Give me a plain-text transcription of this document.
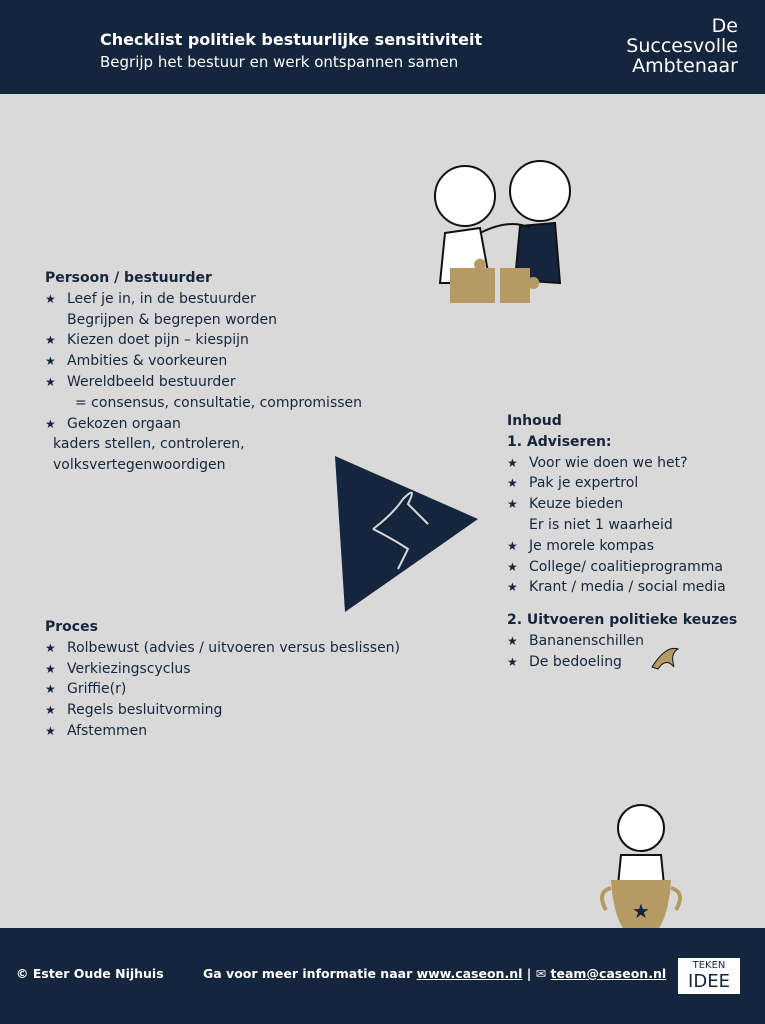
Checklist politiek bestuurlijke sensitiviteit
Begrijp het bestuur en werk ontspannen samen
De
Succesvolle
Ambtenaar
Persoon / bestuurder
★ Leef je in, in de bestuurder
Begrijpen & begrepen worden
★ Kiezen doet pijn – kiespijn
★ Ambities & voorkeuren
★ Wereldbeeld bestuurder
= consensus, consultatie, compromissen
★ Gekozen orgaan
kaders stellen, controleren,
volksvertegenwoordigen
Inhoud
1. Adviseren:
★ Voor wie doen we het?
★ Pak je expertrol
★ Keuze bieden
Er is niet 1 waarheid
★ Je morele kompas
★ College/ coalitieprogramma
★ Krant / media / social media
2. Uitvoeren politieke keuzes
★ Bananenschillen
★ De bedoeling
Proces
★ Rolbewust (advies / uitvoeren versus beslissen)
★ Verkiezingscyclus
★ Griffie(r)
★ Regels besluitvorming
★ Afstemmen
★
© Ester Oude Nijhuis	Ga voor meer informatie naar www.caseon.nl | ✉ team@caseon.nl
TEKEN
IDEE
